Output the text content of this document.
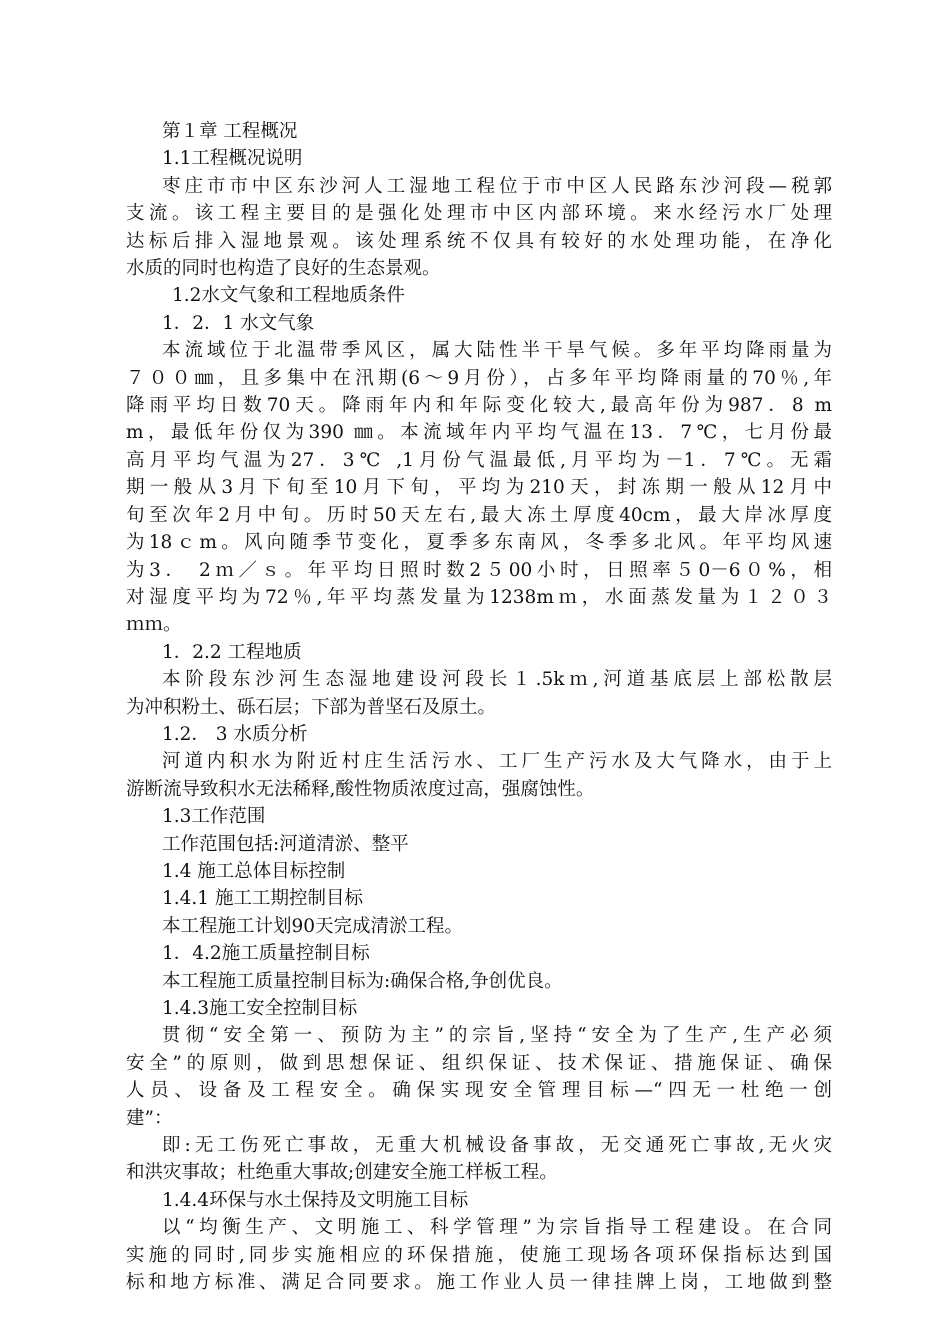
第１章 工程概况
1.1工程概况说明
枣庄市市中区东沙河人工湿地工程位于市中区人民路东沙河段—税郭
支流。该工程主要目的是强化处理市中区内部环境。来水经污水厂处理
达标后排入湿地景观。该处理系统不仅具有较好的水处理功能，在净化
水质的同时也构造了良好的生态景观。
1.2水文气象和工程地质条件
1．2．1 水文气象
本流域位于北温带季风区，属大陆性半干旱气候。多年平均降雨量为
７００㎜，且多集中在汛期(6～9月份），占多年平均降雨量的70％,年
降雨平均日数70天。降雨年内和年际变化较大,最高年份为987．8 m
m，最低年份仅为390 ㎜。本流域年内平均气温在13．7℃，七月份最
高月平均气温为27．3℃ ,1月份气温最低,月平均为－1．7℃。无霜
期一般从3月下旬至10月下旬，平均为210天，封冻期一般从12月中
旬至次年2月中旬。历时50天左右,最大冻土厚度40cm，最大岸冰厚度
为18ｃm。风向随季节变化，夏季多东南风，冬季多北风。年平均风速
为3． 2ｍ／ｓ。年平均日照时数2５00小时，日照率５0－6０%，相
对湿度平均为72％,年平均蒸发量为1238mｍ，水面蒸发量为１２０３
ｍｍ。
1．2.2 工程地质
本阶段东沙河生态湿地建设河段长１.5kｍ,河道基底层上部松散层
为冲积粉土、砾石层；下部为普坚石及原土。
1.2． 3 水质分析
河道内积水为附近村庄生活污水、工厂生产污水及大气降水，由于上
游断流导致积水无法稀释,酸性物质浓度过高，强腐蚀性。
1.3工作范围
工作范围包括:河道清淤、整平
1.4 施工总体目标控制
1.4.1 施工工期控制目标
本工程施工计划90天完成清淤工程。
1．4.2施工质量控制目标
本工程施工质量控制目标为:确保合格,争创优良。
1.4.3施工安全控制目标
贯彻“安全第一、预防为主”的宗旨,坚持“安全为了生产,生产必须
安全”的原则，做到思想保证、组织保证、技术保证、措施保证、确保
人员、设备及工程安全。确保实现安全管理目标—“四无一杜绝一创
建”：
即:无工伤死亡事故，无重大机械设备事故，无交通死亡事故,无火灾
和洪灾事故；杜绝重大事故;创建安全施工样板工程。
1.4.4环保与水土保持及文明施工目标
以“均衡生产、文明施工、科学管理”为宗旨指导工程建设。在合同
实施的同时,同步实施相应的环保措施，使施工现场各项环保指标达到国
标和地方标准、满足合同要求。施工作业人员一律挂牌上岗，工地做到整
